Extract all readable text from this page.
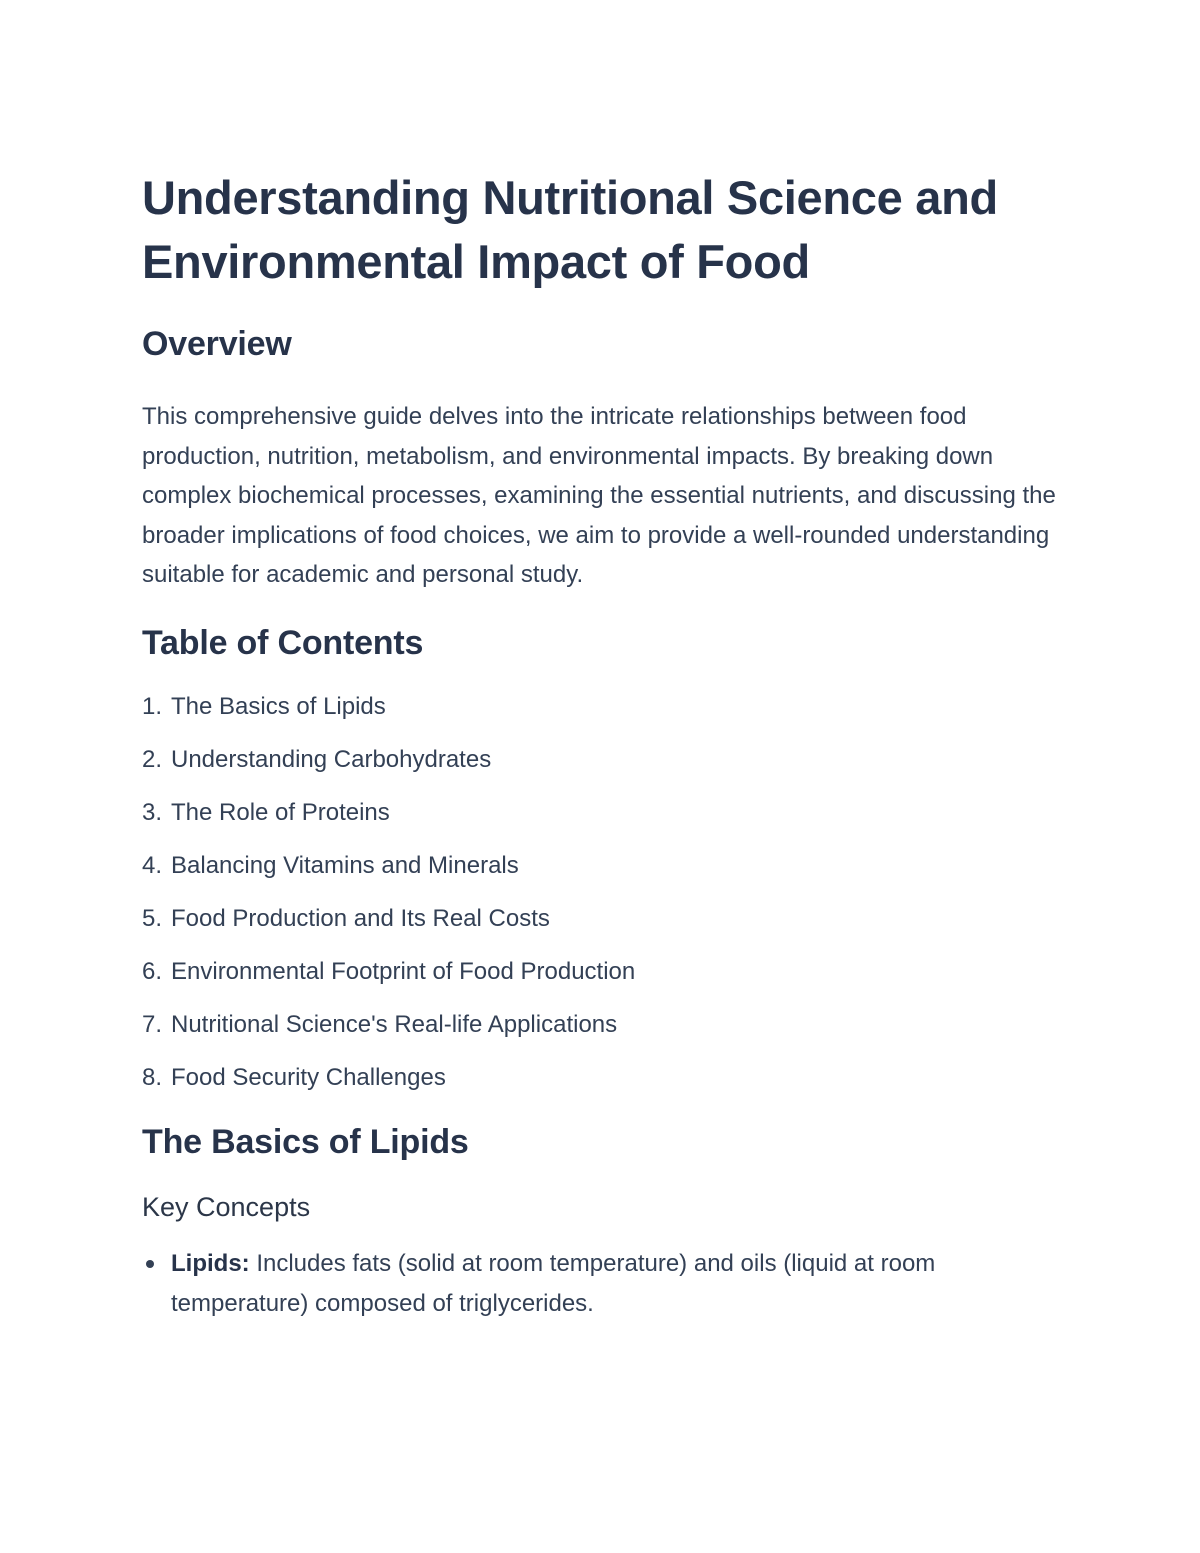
Understanding Nutritional Science and Environmental Impact of Food
Overview

This comprehensive guide delves into the intricate relationships between food production, nutrition, metabolism, and environmental impacts. By breaking down complex biochemical processes, examining the essential nutrients, and discussing the broader implications of food choices, we aim to provide a well-rounded understanding suitable for academic and personal study.

Table of Contents
1. The Basics of Lipids
2. Understanding Carbohydrates
3. The Role of Proteins
4. Balancing Vitamins and Minerals
5. Food Production and Its Real Costs
6. Environmental Footprint of Food Production
7. Nutritional Science's Real-life Applications
8. Food Security Challenges
The Basics of Lipids
Key Concepts
Lipids: Includes fats (solid at room temperature) and oils (liquid at room temperature) composed of triglycerides.
